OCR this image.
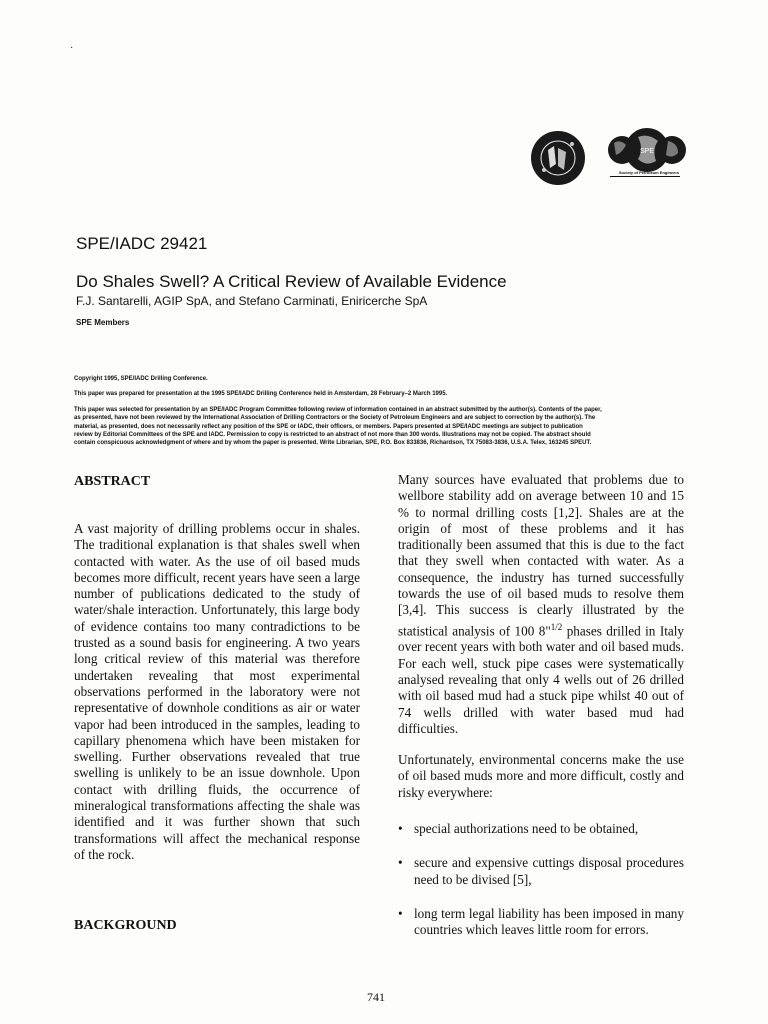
·
SPE
Society of Petroleum Engineers
SPE/IADC 29421
Do Shales Swell? A Critical Review of Available Evidence
F.J. Santarelli, AGIP SpA, and Stefano Carminati, Eniricerche SpA
SPE Members
Copyright 1995, SPE/IADC Drilling Conference.
This paper was prepared for presentation at the 1995 SPE/IADC Drilling Conference held in Amsterdam, 28 February–2 March 1995.

This paper was selected for presentation by an SPE/IADC Program Committee following review of information contained in an abstract submitted by the author(s). Contents of the paper,

as presented, have not been reviewed by the International Association of Drilling Contractors or the Society of Petroleum Engineers and are subject to correction by the author(s). The

material, as presented, does not necessarily reflect any position of the SPE or IADC, their officers, or members. Papers presented at SPE/IADC meetings are subject to publication

review by Editorial Committees of the SPE and IADC. Permission to copy is restricted to an abstract of not more than 300 words. Illustrations may not be copied. The abstract should

contain conspicuous acknowledgment of where and by whom the paper is presented. Write Librarian, SPE, P.O. Box 833836, Richardson, TX 75083-3836, U.S.A. Telex, 163245 SPEUT.

ABSTRACT
A vast majority of drilling problems occur in shales. The traditional explanation is that shales swell when contacted with water. As the use of oil based muds becomes more difficult, recent years have seen a large number of publications dedicated to the study of water/shale interaction. Unfortunately, this large body of evidence contains too many contradictions to be trusted as a sound basis for engineering. A two years long critical review of this material was therefore undertaken revealing that most experimental observations performed in the laboratory were not representative of downhole conditions as air or water vapor had been introduced in the samples, leading to capillary phenomena which have been mistaken for swelling. Further observations revealed that true swelling is unlikely to be an issue downhole. Upon contact with drilling fluids, the occurrence of mineralogical transformations affecting the shale was identified and it was further shown that such transformations will affect the mechanical response of the rock.
BACKGROUND
Many sources have evaluated that problems due to wellbore stability add on average between 10 and 15 % to normal drilling costs [1,2]. Shales are at the origin of most of these problems and it has traditionally been assumed that this is due to the fact that they swell when contacted with water. As a consequence, the industry has turned successfully towards the use of oil based muds to resolve them [3,4]. This success is clearly illustrated by the statistical analysis of 100 8"$^{1/2}$ phases drilled in Italy over recent years with both water and oil based muds. For each well, stuck pipe cases were systematically analysed revealing that only 4 wells out of 26 drilled with oil based mud had a stuck pipe whilst 40 out of 74 wells drilled with water based mud had difficulties.
Unfortunately, environmental concerns make the use of oil based muds more and more difficult, costly and risky everywhere:
• special authorizations need to be obtained,
• secure and expensive cuttings disposal procedures need to be divised [5],
• long term legal liability has been imposed in many countries which leaves little room for errors.
741
